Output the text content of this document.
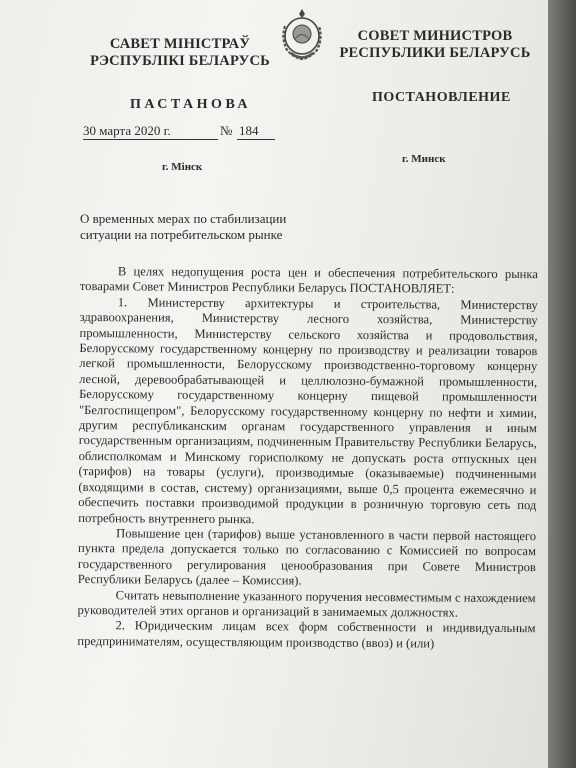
САВЕТ МІНІСТРАЎ
РЭСПУБЛІКІ БЕЛАРУСЬ
СОВЕТ МИНИСТРОВ
РЕСПУБЛИКИ БЕЛАРУСЬ
ПАСТАНОВА	ПОСТАНОВЛЕНИЕ
30 марта 2020 г.	№ 184
г. Мінск
г. Минск
О временных мерах по стабилизации ситуации на потребительском рынке

В целях недопущения роста цен и обеспечения потребительского рынка товарами Совет Министров Республики Беларусь ПОСТАНОВЛЯЕТ:

1. Министерству архитектуры и строительства, Министерству здравоохранения, Министерству лесного хозяйства, Министерству промышленности, Министерству сельского хозяйства и продовольствия, Белорусскому государственному концерну по производству и реализации товаров легкой промышленности, Белорусскому производственно-торговому концерну лесной, деревообрабатывающей и целлюлозно-бумажной промышленности, Белорусскому государственному концерну пищевой промышленности "Белгоспищепром", Белорусскому государственному концерну по нефти и химии, другим республиканским органам государственного управления и иным государственным организациям, подчиненным Правительству Республики Беларусь, облисполкомам и Минскому горисполкому не допускать роста отпускных цен (тарифов) на товары (услуги), производимые (оказываемые) подчиненными (входящими в состав, систему) организациями, выше 0,5 процента ежемесячно и обеспечить поставки производимой продукции в розничную торговую сеть под потребность внутреннего рынка.

Повышение цен (тарифов) выше установленного в части первой настоящего пункта предела допускается только по согласованию с Комиссией по вопросам государственного регулирования ценообразования при Совете Министров Республики Беларусь (далее – Комиссия).

Считать невыполнение указанного поручения несовместимым с нахождением руководителей этих органов и организаций в занимаемых должностях.

2. Юридическим лицам всех форм собственности и индивидуальным предпринимателям, осуществляющим производство (ввоз) и (или)
